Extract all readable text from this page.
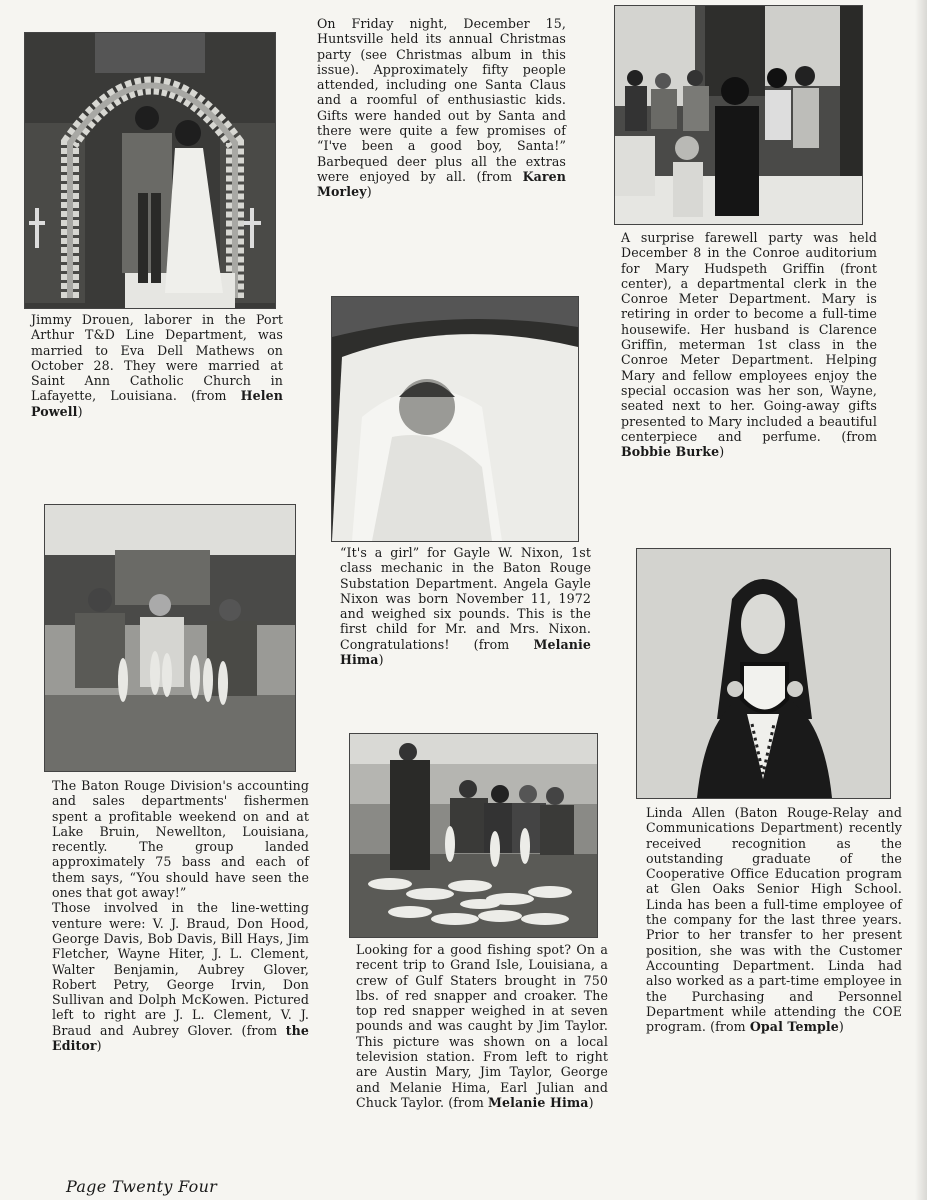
Jimmy Drouen, laborer in the Port Arthur T&D Line Department, was married to Eva Dell Mathews on October 28. They were married at Saint Ann Catholic Church in Lafayette, Louisiana. (from Helen Powell)
On Friday night, December 15, Huntsville held its annual Christmas party (see Christmas album in this issue). Approximately fifty people attended, including one Santa Claus and a roomful of enthusiastic kids. Gifts were handed out by Santa and there were quite a few promises of “I've been a good boy, Santa!” Barbequed deer plus all the extras were enjoyed by all. (from Karen Morley)
A surprise farewell party was held December 8 in the Conroe auditorium for Mary Hudspeth Griffin (front center), a departmental clerk in the Conroe Meter Department. Mary is retiring in order to become a full-time housewife. Her husband is Clarence Griffin, meterman 1st class in the Conroe Meter Department. Helping Mary and fellow employees enjoy the special occasion was her son, Wayne, seated next to her. Going-away gifts presented to Mary included a beautiful centerpiece and perfume. (from Bobbie Burke)
“It's a girl” for Gayle W. Nixon, 1st class mechanic in the Baton Rouge Substation Department. Angela Gayle Nixon was born November 11, 1972 and weighed six pounds. This is the first child for Mr. and Mrs. Nixon. Congratulations! (from Melanie Hima)
The Baton Rouge Division's accounting and sales departments' fishermen spent a profitable weekend on and at Lake Bruin, Newellton, Louisiana, recently. The group landed approximately 75 bass and each of them says, “You should have seen the ones that got away!”
Those involved in the line-wetting venture were: V. J. Braud, Don Hood, George Davis, Bob Davis, Bill Hays, Jim Fletcher, Wayne Hiter, J. L. Clement, Walter Benjamin, Aubrey Glover, Robert Petry, George Irvin, Don Sullivan and Dolph McKowen. Pictured left to right are J. L. Clement, V. J. Braud and Aubrey Glover. (from the Editor)
Looking for a good fishing spot? On a recent trip to Grand Isle, Louisiana, a crew of Gulf Staters brought in 750 lbs. of red snapper and croaker. The top red snapper weighed in at seven pounds and was caught by Jim Taylor. This picture was shown on a local television station. From left to right are Austin Mary, Jim Taylor, George and Melanie Hima, Earl Julian and Chuck Taylor. (from Melanie Hima)
Linda Allen (Baton Rouge-Relay and Communications Department) recently received recognition as the outstanding graduate of the Cooperative Office Education program at Glen Oaks Senior High School. Linda has been a full-time employee of the company for the last three years. Prior to her transfer to her present position, she was with the Customer Accounting Department. Linda had also worked as a part-time employee in the Purchasing and Personnel Department while attending the COE program. (from Opal Temple)
Page Twenty Four
